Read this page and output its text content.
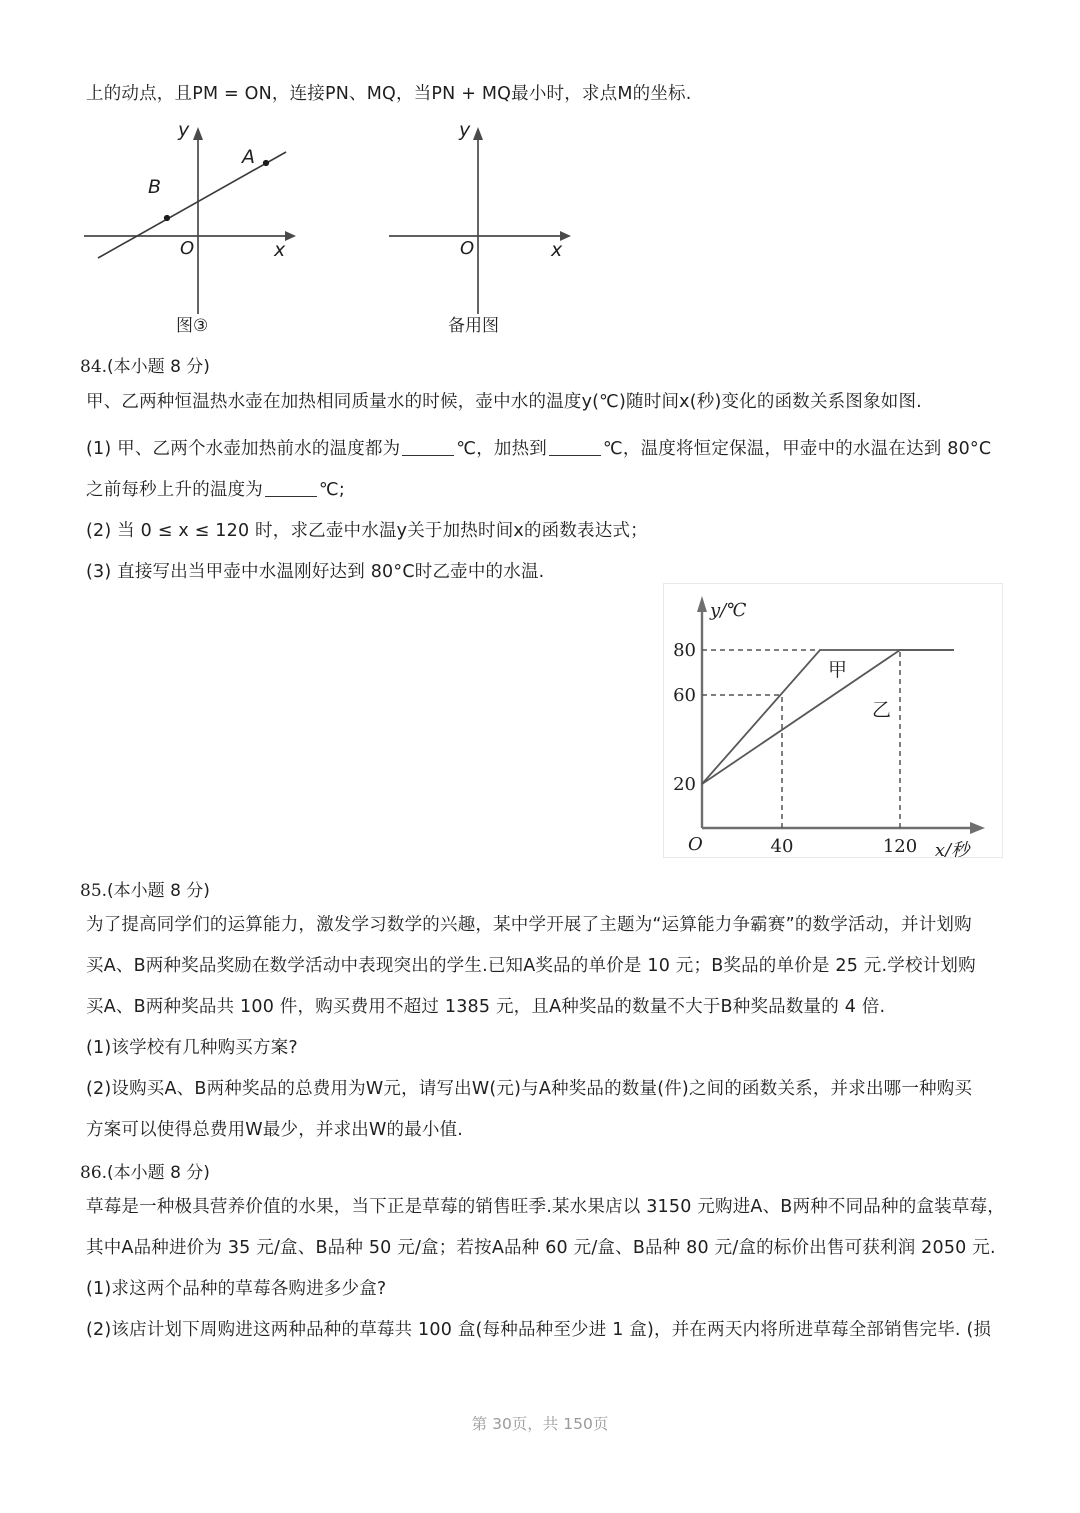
上的动点，且PM = ON，连接PN、MQ，当PN + MQ最小时，求点M的坐标.
A
B
O	x
y
图③
O	x
y
备用图
84.(本小题 8 分)
甲、乙两种恒温热水壶在加热相同质量水的时候，壶中水的温度y(℃)随时间x(秒)变化的函数关系图象如图.
(1) 甲、乙两个水壶加热前水的温度都为	℃，加热到	℃，温度将恒定保温，甲壶中的水温在达到 80°C
之前每秒上升的温度为	℃;
(2) 当 0 ≤ x ≤ 120 时，求乙壶中水温y关于加热时间x的函数表达式；
(3) 直接写出当甲壶中水温刚好达到 80°C时乙壶中的水温.
80
60
20
40	120
O
y/℃
x/秒
甲
乙
85.(本小题 8 分)
为了提高同学们的运算能力，激发学习数学的兴趣，某中学开展了主题为“运算能力争霸赛”的数学活动，并计划购
买A、B两种奖品奖励在数学活动中表现突出的学生.已知A奖品的单价是 10 元；B奖品的单价是 25 元.学校计划购
买A、B两种奖品共 100 件，购买费用不超过 1385 元，且A种奖品的数量不大于B种奖品数量的 4 倍.
(1)该学校有几种购买方案?
(2)设购买A、B两种奖品的总费用为W元，请写出W(元)与A种奖品的数量(件)之间的函数关系，并求出哪一种购买
方案可以使得总费用W最少，并求出W的最小值.
86.(本小题 8 分)
草莓是一种极具营养价值的水果，当下正是草莓的销售旺季.某水果店以 3150 元购进A、B两种不同品种的盒装草莓，
其中A品种进价为 35 元/盒、B品种 50 元/盒；若按A品种 60 元/盒、B品种 80 元/盒的标价出售可获利润 2050 元.
(1)求这两个品种的草莓各购进多少盒?
(2)该店计划下周购进这两种品种的草莓共 100 盒(每种品种至少进 1 盒)，并在两天内将所进草莓全部销售完毕. (损
第 30页，共 150页
